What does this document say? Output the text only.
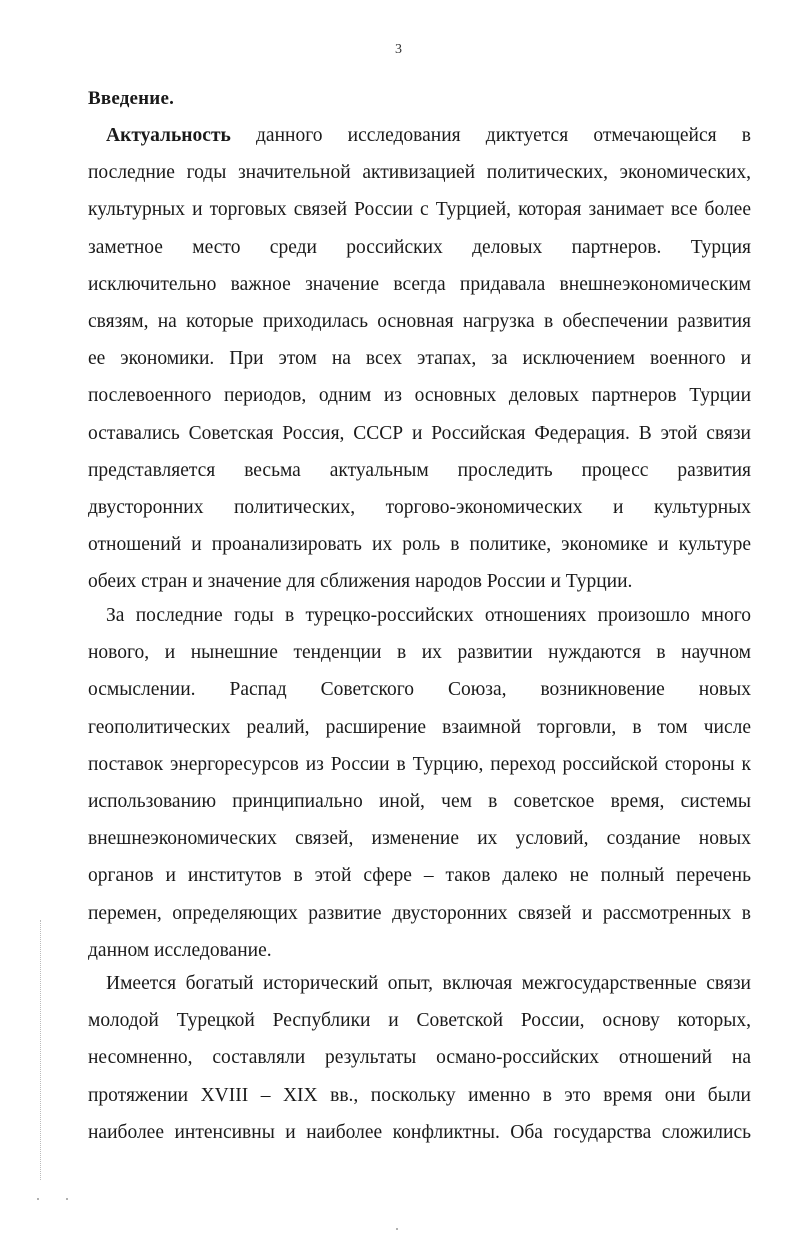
3
Введение.
Актуальность данного исследования диктуется отмечающейся в
последние годы значительной активизацией политических, экономических,
культурных и торговых связей России с Турцией, которая занимает все более
заметное место среди российских деловых партнеров. Турция
исключительно важное значение всегда придавала внешнеэкономическим
связям, на которые приходилась основная нагрузка в обеспечении развития
ее экономики. При этом на всех этапах, за исключением военного и
послевоенного периодов, одним из основных деловых партнеров Турции
оставались Советская Россия, СССР и Российская Федерация. В этой связи
представляется весьма актуальным проследить процесс развития
двусторонних политических, торгово-экономических и культурных
отношений и проанализировать их роль в политике, экономике и культуре
обеих стран и значение для сближения народов России и Турции.
За последние годы в турецко-российских отношениях произошло много
нового, и нынешние тенденции в их развитии нуждаются в научном
осмыслении. Распад Советского Союза, возникновение новых
геополитических реалий, расширение взаимной торговли, в том числе
поставок энергоресурсов из России в Турцию, переход российской стороны к
использованию принципиально иной, чем в советское время, системы
внешнеэкономических связей, изменение их условий, создание новых
органов и институтов в этой сфере – таков далеко не полный перечень
перемен, определяющих развитие двусторонних связей и рассмотренных в
данном исследование.
Имеется богатый исторический опыт, включая межгосударственные связи
молодой Турецкой Республики и Советской России, основу которых,
несомненно, составляли результаты османо-российских отношений на
протяжении XVIII – XIX вв., поскольку именно в это время они были
наиболее интенсивны и наиболее конфликтны. Оба государства сложились
